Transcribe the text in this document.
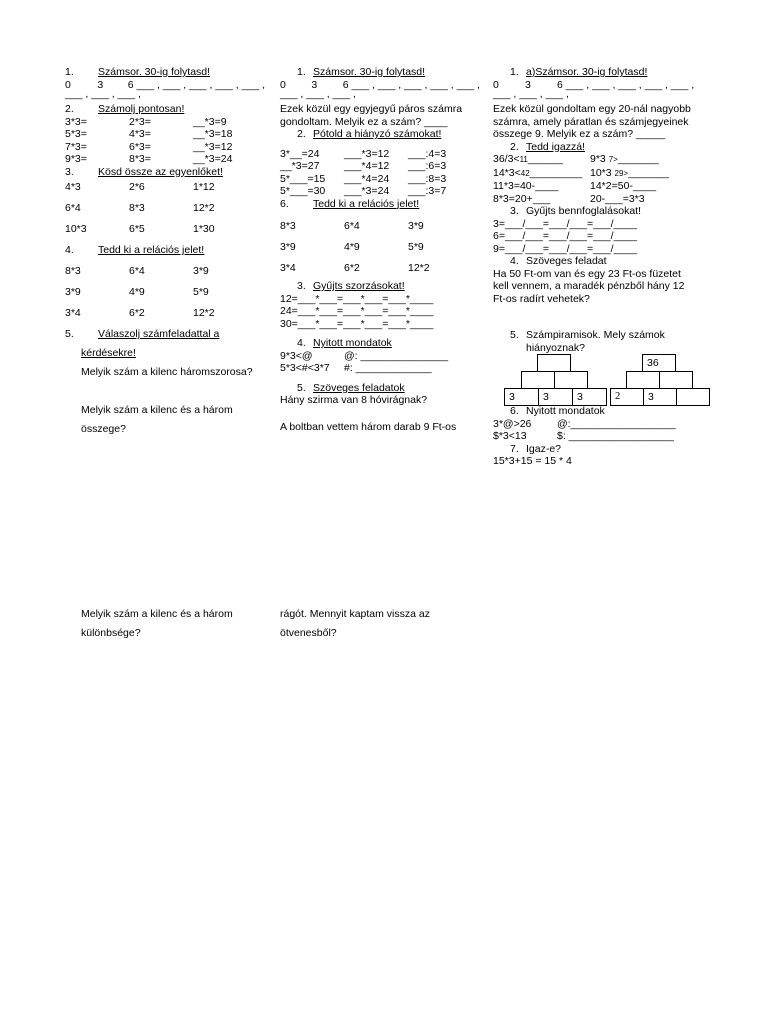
1.	Számsor. 30-ig folytasd!
0	3	6 ___ , ___ , ___ , ___ , ___ ,
___ , ___ , ___ ,
2.	Számolj pontosan!
3*3=	2*3=	__*3=9
5*3=	4*3=	__*3=18
7*3=	6*3=	__*3=12
9*3=	8*3=	__*3=24
3.	Kösd össze az egyenlőket!
4*3	2*6	1*12
6*4	8*3	12*2
10*3	6*5	1*30
4.	Tedd ki a relációs jelet!
8*3	6*4	3*9
3*9	4*9	5*9
3*4	6*2	12*2
5.	Válaszolj számfeladattal a
kérdésekre!
Melyik szám a kilenc háromszorosa?
Melyik szám a kilenc és a három
összege?
Melyik szám a kilenc és a három
különbsége?
1. Számsor. 30-ig folytasd!
0	3	6 ___ , ___ , ___ , ___ , ___ ,
___ , ___ , ___ ,
Ezek közül egy egyjegyű páros számra
gondoltam. Melyik ez a szám? ____
2. Pótold a hiányzó számokat!
3*__=24	___*3=12	___:4=3
__*3=27	___*4=12	___:6=3
5*___=15	___*4=24	___:8=3
5*___=30	___*3=24	___:3=7
6.	Tedd ki a relációs jelet!
8*3	6*4	3*9
3*9	4*9	5*9
3*4	6*2	12*2
3. Gyűjts szorzásokat!
12=___*___=___*___=___*____
24=___*___=___*___=___*____
30=___*___=___*___=___*____
4. Nyitott mondatok
9*3<@	@: _______________
5*3<#<3*7	#: _____________
5. Szöveges feladatok
Hány szirma van 8 hóvirágnak?
A boltban vettem három darab 9 Ft-os
rágót. Mennyit kaptam vissza az
ötvenesből?
1. a)Számsor. 30-ig folytasd!
0	3	6 ___ , ___ , ___ , ___ , ___ ,
___ , ___ , ___ ,
Ezek közül gondoltam egy 20-nál nagyobb
számra, amely páratlan és számjegyeinek
összege 9. Melyik ez a szám? _____
2. Tedd igazzá!
36/3<11______	9*3 7>_______
14*3<42_________ 10*3 29>_______
11*3=40-____	14*2=50-____
8*3=20+___	20-___=3*3
3. Gyűjts bennfoglalásokat!
3=___/___=___/___=___/____
6=___/___=___/___=___/____
9=___/___=___/___=___/____
4. Szöveges feladat
Ha 50 Ft-om van és egy 23 Ft-os füzetet
kell vennem, a maradék pénzből hány 12
Ft-os radírt vehetek?
5. Számpiramisok. Mely számok
hiányoznak?
3	3	3
36
2	3
6. Nyitott mondatok
3*@>26	@:__________________
$*3<13	$: __________________
7. Igaz-e?
15*3+15 = 15 * 4
